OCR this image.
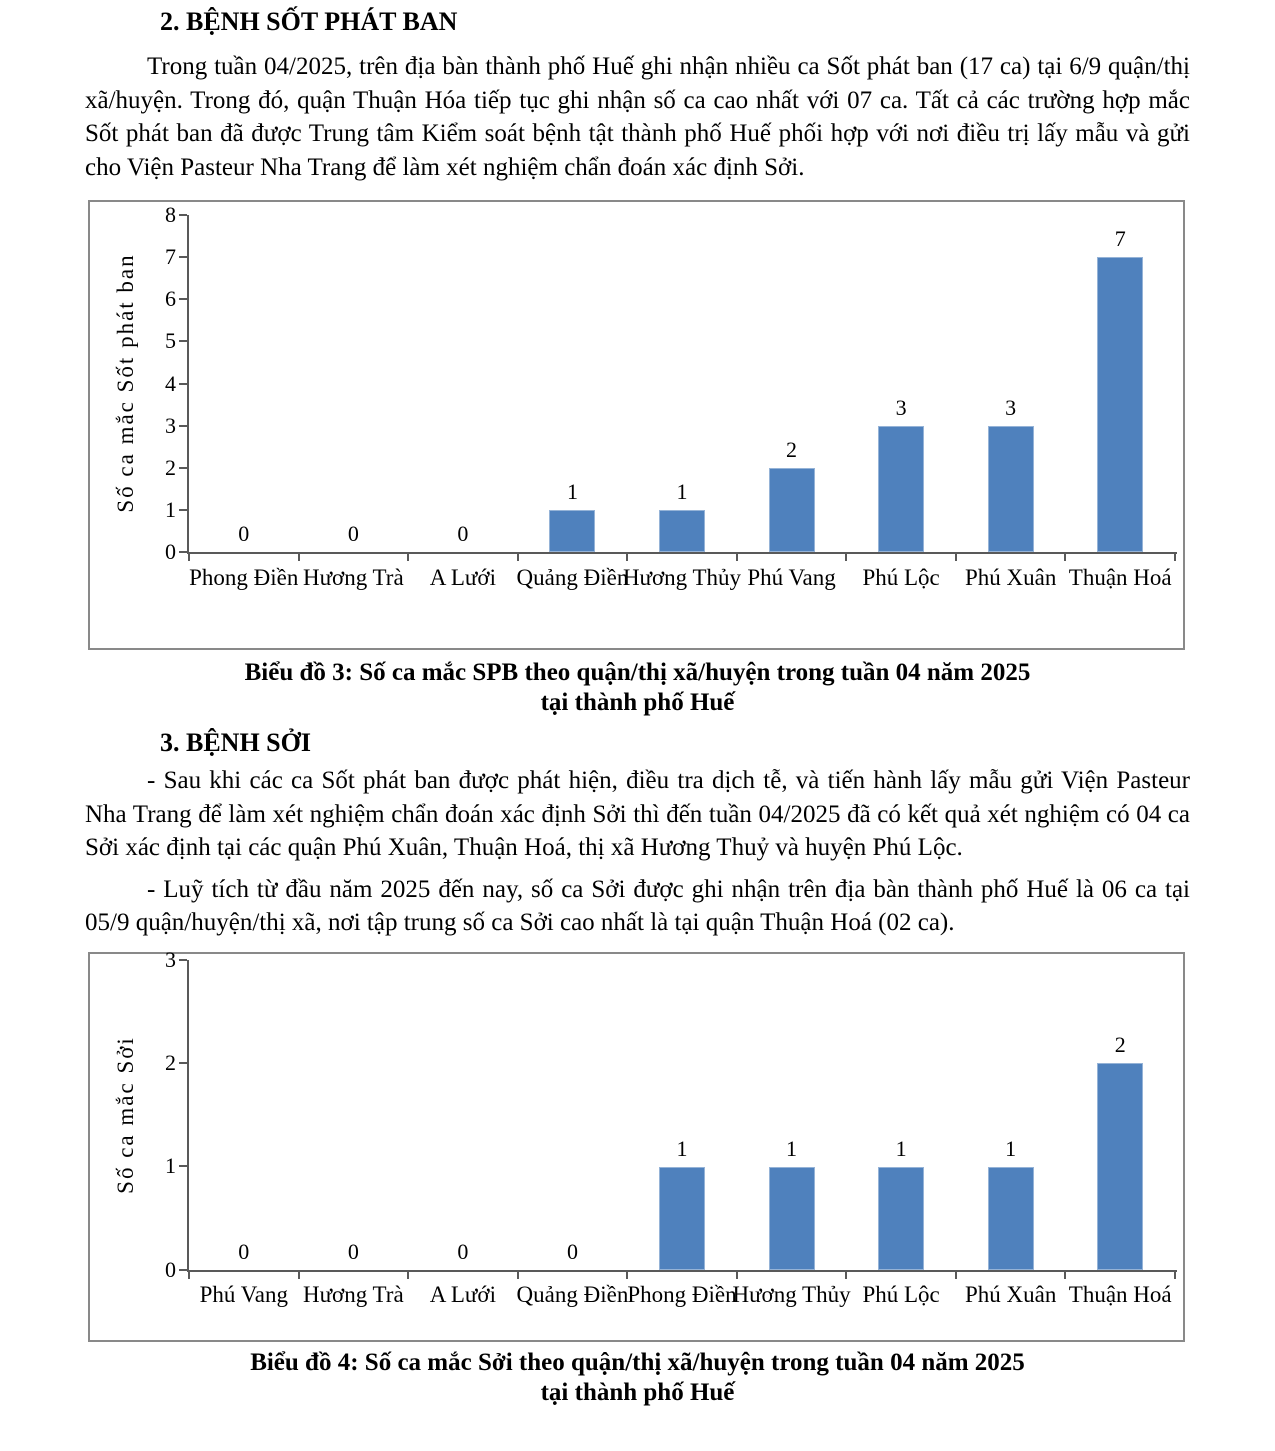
2. BỆNH SỐT PHÁT BAN

Trong tuần 04/2025, trên địa bàn thành phố Huế ghi nhận nhiều ca Sốt phát ban (17 ca) tại 6/9 quận/thị xã/huyện. Trong đó, quận Thuận Hóa tiếp tục ghi nhận số ca cao nhất với 07 ca. Tất cả các trường hợp mắc Sốt phát ban đã được Trung tâm Kiểm soát bệnh tật thành phố Huế phối hợp với nơi điều trị lấy mẫu và gửi cho Viện Pasteur Nha Trang để làm xét nghiệm chẩn đoán xác định Sởi.

Số ca mắc Sốt phát ban
0
1
2
3
4
5
6
7
8
0
Phong Điền
0
Hương Trà
0
A Lưới
1
Quảng Điền
1
Hương Thủy
2
Phú Vang
3
Phú Lộc
3
Phú Xuân
7
Thuận Hoá
Biểu đồ 3: Số ca mắc SPB theo quận/thị xã/huyện trong tuần 04 năm 2025
tại thành phố Huế
3. BỆNH SỞI

- Sau khi các ca Sốt phát ban được phát hiện, điều tra dịch tễ, và tiến hành lấy mẫu gửi Viện Pasteur Nha Trang để làm xét nghiệm chẩn đoán xác định Sởi thì đến tuần 04/2025 đã có kết quả xét nghiệm có 04 ca Sởi xác định tại các quận Phú Xuân, Thuận Hoá, thị xã Hương Thuỷ và huyện Phú Lộc.

- Luỹ tích từ đầu năm 2025 đến nay, số ca Sởi được ghi nhận trên địa bàn thành phố Huế là 06 ca tại 05/9 quận/huyện/thị xã, nơi tập trung số ca Sởi cao nhất là tại quận Thuận Hoá (02 ca).

Số ca mắc Sởi
0
1
2
3
0
Phú Vang
0
Hương Trà
0
A Lưới
0
Quảng Điền
1
Phong Điền
1
Hương Thủy
1
Phú Lộc
1
Phú Xuân
2
Thuận Hoá
Biểu đồ 4: Số ca mắc Sởi theo quận/thị xã/huyện trong tuần 04 năm 2025
tại thành phố Huế
